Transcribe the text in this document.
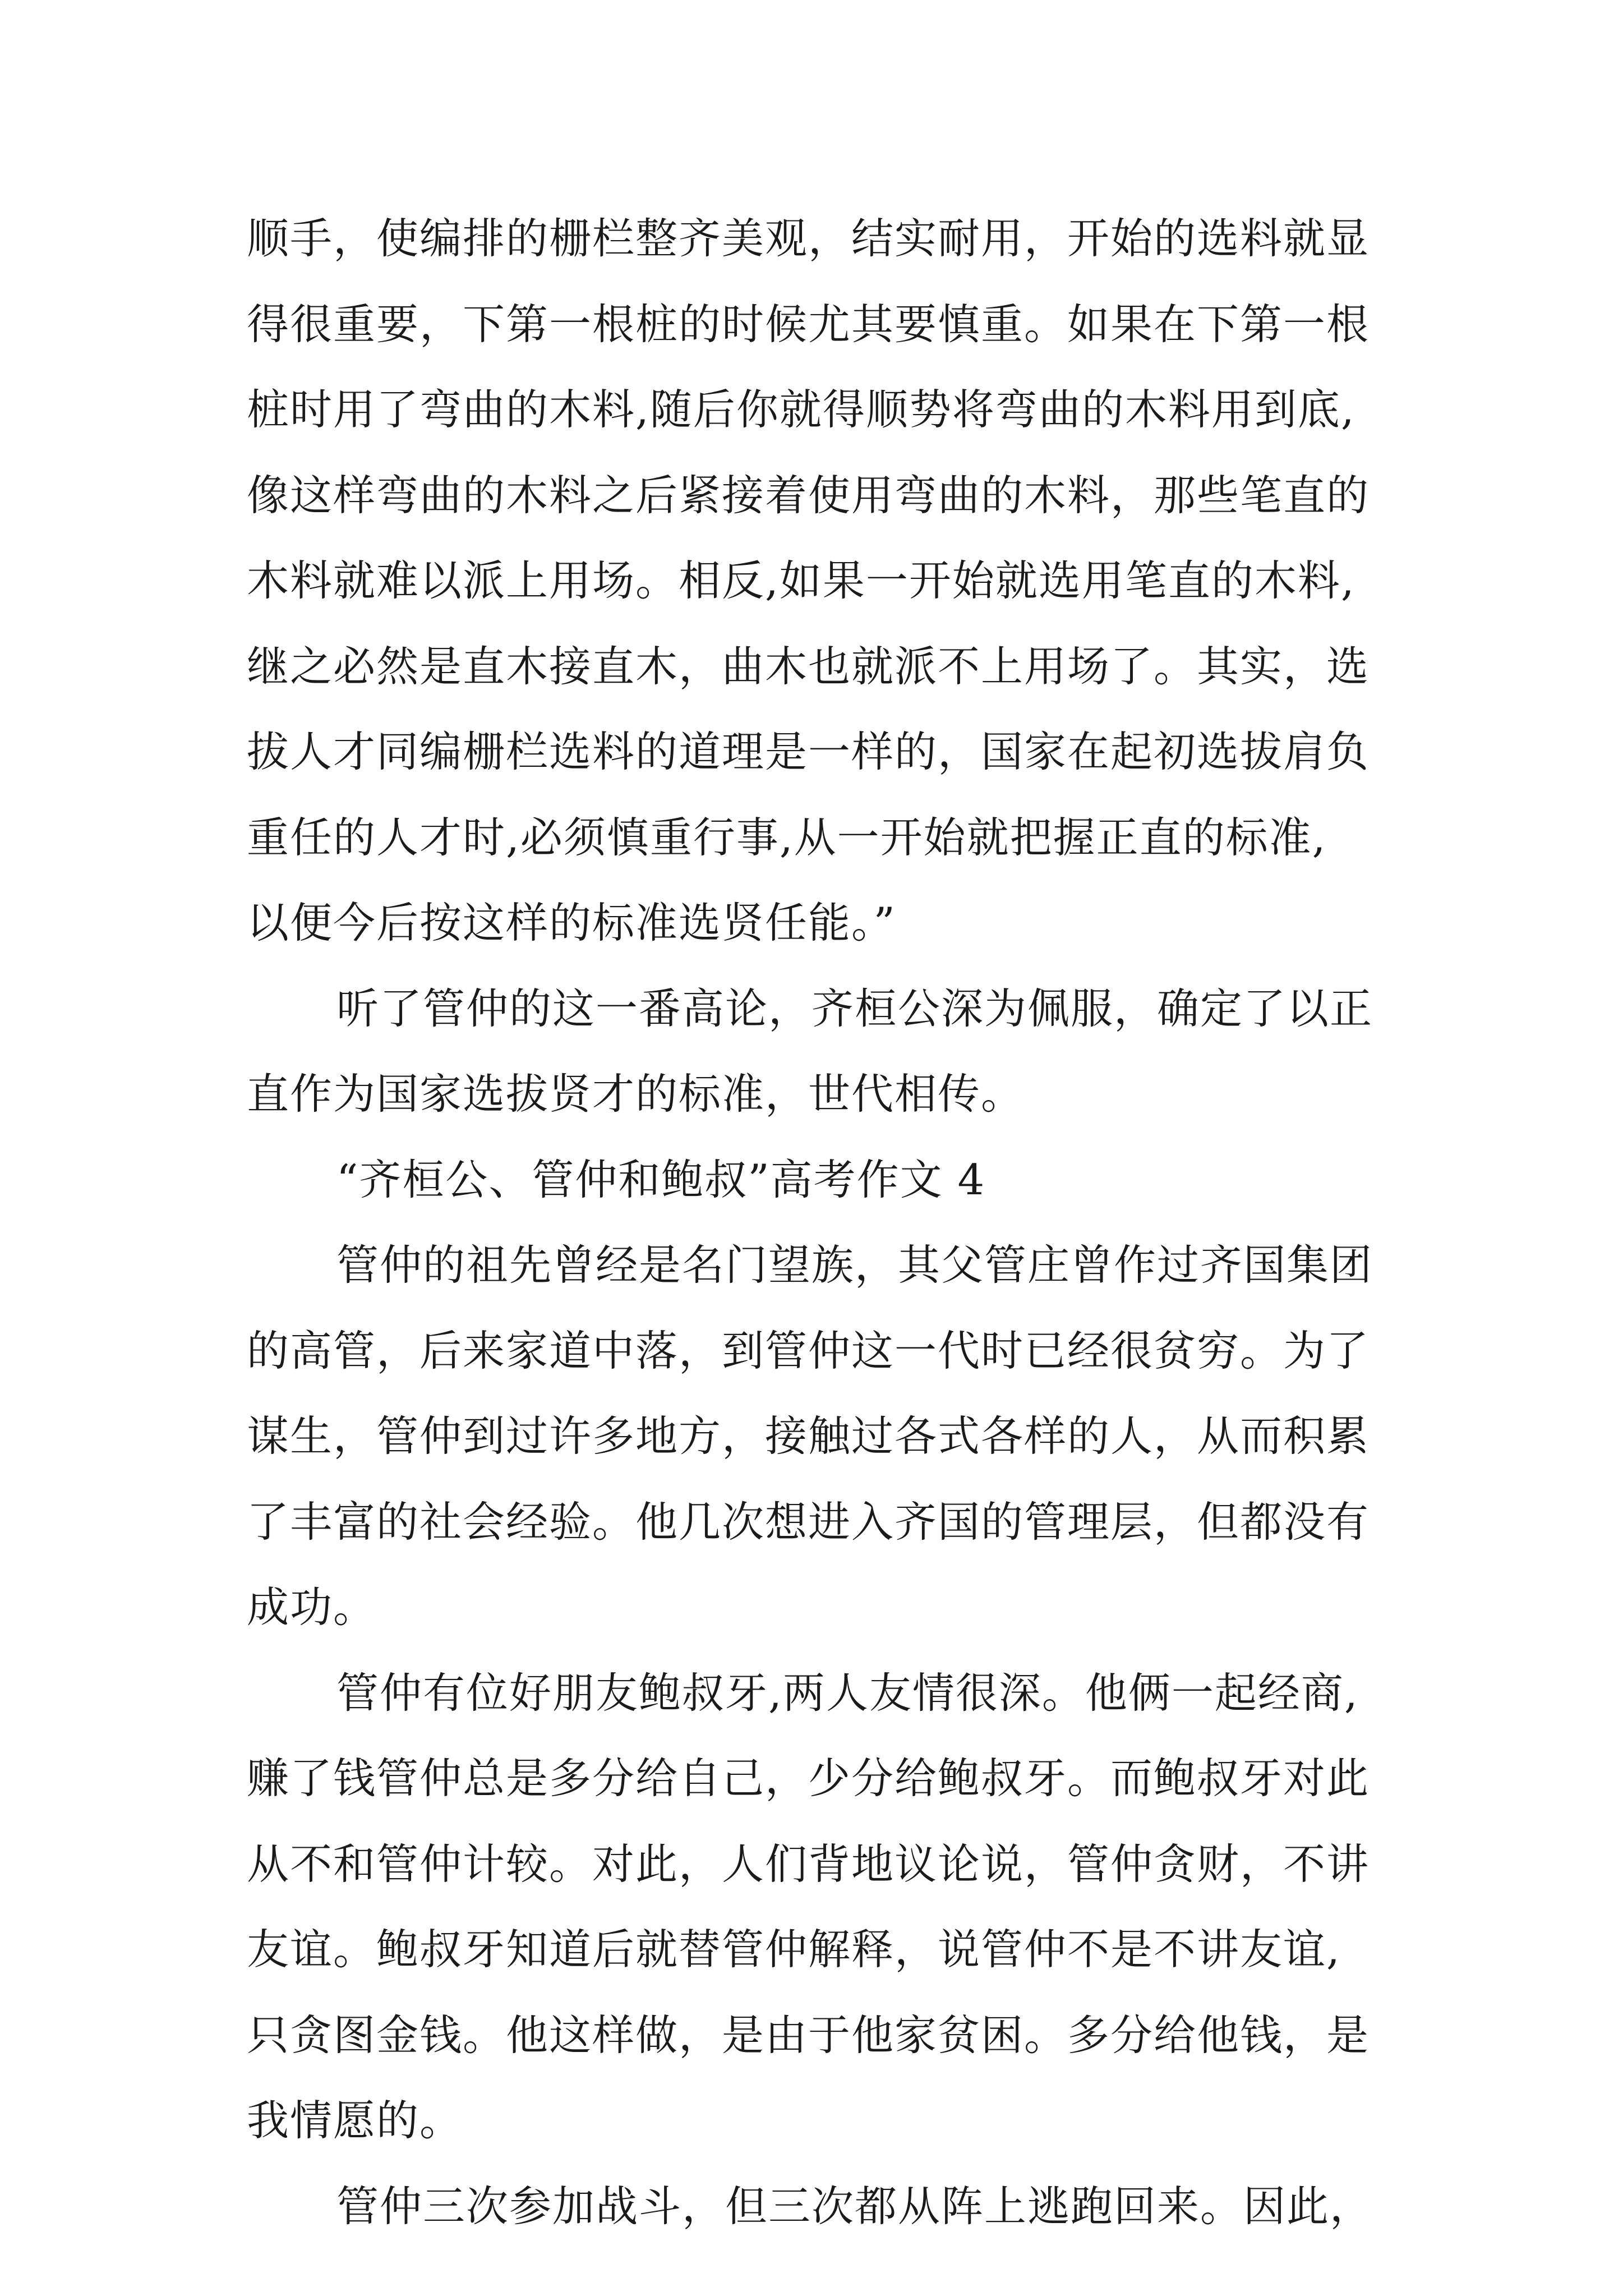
顺手，使编排的栅栏整齐美观，结实耐用，开始的选料就显
得很重要，下第一根桩的时候尤其要慎重。如果在下第一根
桩时用了弯曲的木料,随后你就得顺势将弯曲的木料用到底,
像这样弯曲的木料之后紧接着使用弯曲的木料，那些笔直的
木料就难以派上用场。相反,如果一开始就选用笔直的木料,
继之必然是直木接直木，曲木也就派不上用场了。其实，选
拔人才同编栅栏选料的道理是一样的，国家在起初选拔肩负
重任的人才时,必须慎重行事,从一开始就把握正直的标准,
以便今后按这样的标准选贤任能。”
听了管仲的这一番高论，齐桓公深为佩服，确定了以正
直作为国家选拔贤才的标准，世代相传。
“齐桓公、管仲和鲍叔”高考作文 4
管仲的祖先曾经是名门望族，其父管庄曾作过齐国集团
的高管，后来家道中落，到管仲这一代时已经很贫穷。为了
谋生，管仲到过许多地方，接触过各式各样的人，从而积累
了丰富的社会经验。他几次想进入齐国的管理层，但都没有
成功。
管仲有位好朋友鲍叔牙,两人友情很深。他俩一起经商,
赚了钱管仲总是多分给自己，少分给鲍叔牙。而鲍叔牙对此
从不和管仲计较。对此，人们背地议论说，管仲贪财，不讲
友谊。鲍叔牙知道后就替管仲解释，说管仲不是不讲友谊,
只贪图金钱。他这样做，是由于他家贫困。多分给他钱，是
我情愿的。
管仲三次参加战斗，但三次都从阵上逃跑回来。因此，
